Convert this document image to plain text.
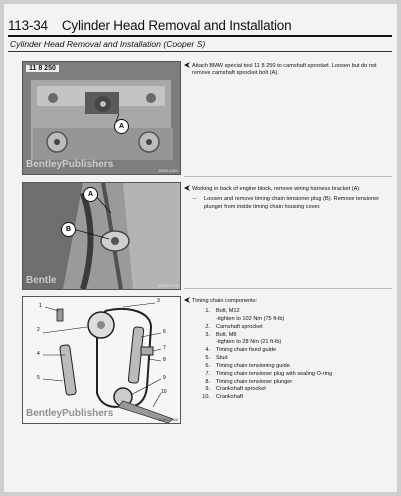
113-34 Cylinder Head Removal and Installation
Cylinder Head Removal and Installation (Cooper S)
11 8 250
A
BentleyPublishers
BMM-0081
A
B
Bentle	BMM-0003
1
2
3
4
5
6
7
8
9
10
BentleyPublishers
BMM-0086

Attach BMW special tool 11 8 250 to camshaft sprocket. Loosen but do not remove camshaft sprocket bolt (A).

Working in back of engine block, remove wiring harness bracket (A).

– Loosen and remove timing chain tensioner plug (B). Remove tensioner plunger from inside timing chain housing cover.

Timing chain components:

1. Bolt, M12
-tighten to 102 Nm (75 ft-lb)
2. Camshaft sprocket
3. Bolt, M8
-tighten to 28 Nm (21 ft-lb)
4. Timing chain fixed guide
5. Stud
6. Timing chain tensioning guide
7. Timing chain tensioner plug with sealing O-ring
8. Timing chain tensioner plunger
9. Crankshaft sprocket
10. Crankshaft
